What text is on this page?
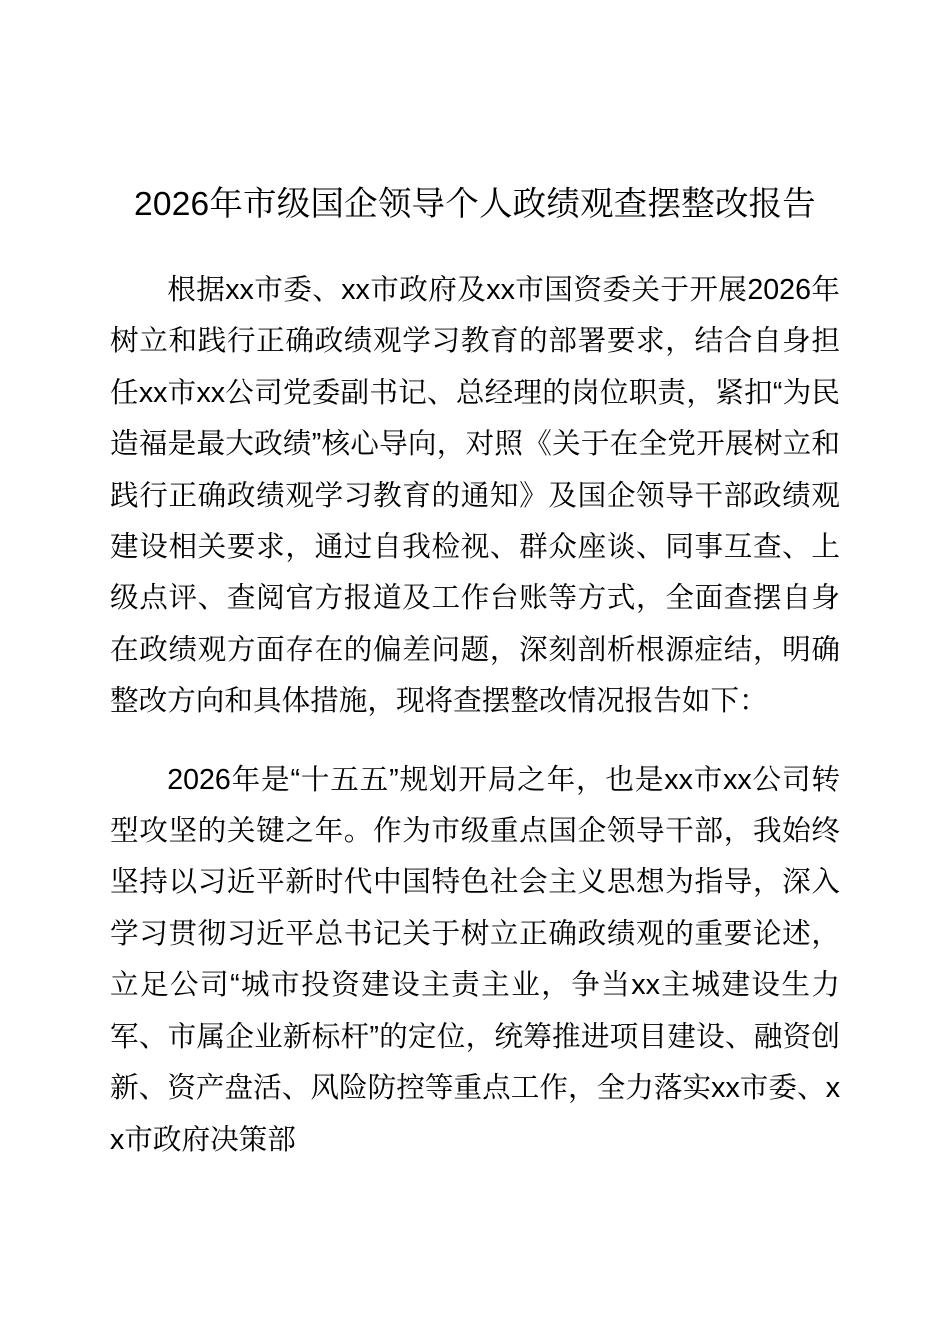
2026年市级国企领导个人政绩观查摆整改报告

根据xx市委、xx市政府及xx市国资委关于开展2026年树立和践行正确政绩观学习教育的部署要求，结合自身担任xx市xx公司党委副书记、总经理的岗位职责，紧扣“为民造福是最大政绩”核心导向，对照《关于在全党开展树立和践行正确政绩观学习教育的通知》及国企领导干部政绩观建设相关要求，通过自我检视、群众座谈、同事互查、上级点评、查阅官方报道及工作台账等方式，全面查摆自身在政绩观方面存在的偏差问题，深刻剖析根源症结，明确整改方向和具体措施，现将查摆整改情况报告如下：

2026年是“十五五”规划开局之年，也是xx市xx公司转型攻坚的关键之年。作为市级重点国企领导干部，我始终坚持以习近平新时代中国特色社会主义思想为指导，深入学习贯彻习近平总书记关于树立正确政绩观的重要论述，立足公司“城市投资建设主责主业，争当xx主城建设生力军、市属企业新标杆”的定位，统筹推进项目建设、融资创新、资产盘活、风险防控等重点工作，全力落实xx市委、xx市政府决策部
